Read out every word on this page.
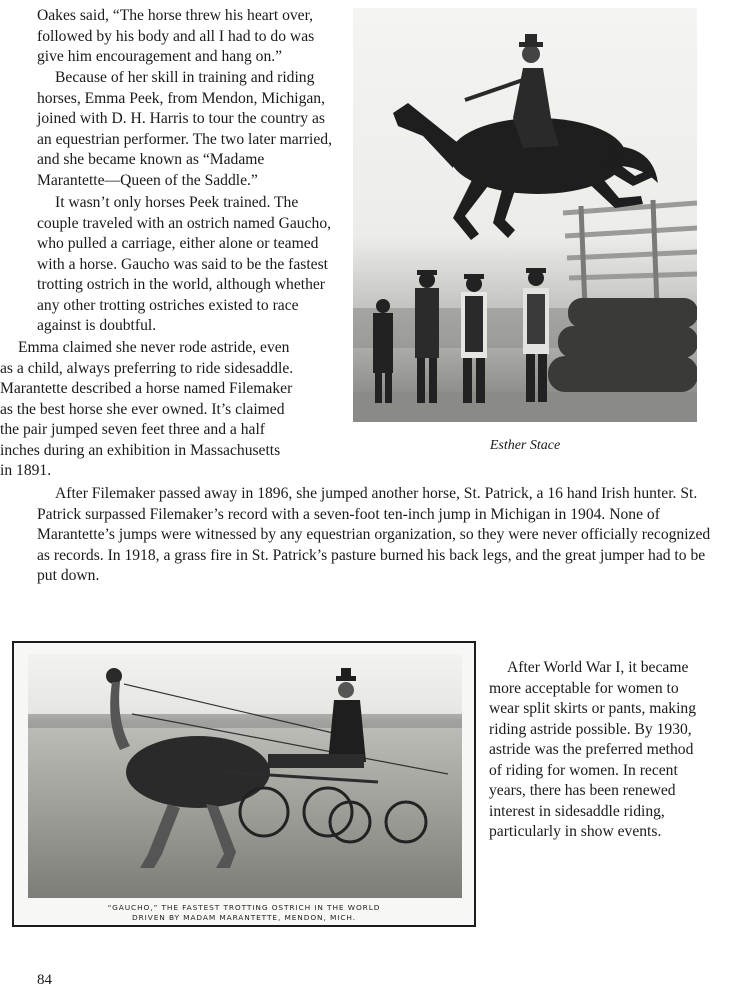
Oakes said, “The horse threw his heart over, followed by his body and all I had to do was give him encouragement and hang on.”

Because of her skill in training and riding horses, Emma Peek, from Mendon, Michigan, joined with D. H. Harris to tour the country as an equestrian performer. The two later married, and she became known as “Madame Marantette—Queen of the Saddle.”

It wasn’t only horses Peek trained. The couple traveled with an ostrich named Gaucho, who pulled a carriage, either alone or teamed with a horse. Gaucho was said to be the fastest trotting ostrich in the world, although whether any other trotting ostriches existed to race against is doubtful.

Emma claimed she never rode astride, even as a child, always preferring to ride sidesaddle. Marantette described a horse named Filemaker as the best horse she ever owned. It’s claimed the pair jumped seven feet three and a half inches during an exhibition in Massachusetts in 1891.

After Filemaker passed away in 1896, she jumped another horse, St. Patrick, a 16 hand Irish hunter. St. Patrick surpassed Filemaker’s record with a seven-foot ten-inch jump in Michigan in 1904. None of Marantette’s jumps were witnessed by any equestrian organization, so they were never officially recognized as records. In 1918, a grass fire in St. Patrick’s pasture burned his back legs, and the great jumper had to be put down.

Esther Stace
“GAUCHO,” THE FASTEST TROTTING OSTRICH IN THE WORLD
DRIVEN BY MADAM MARANTETTE, MENDON, MICH.

After World War I, it became more acceptable for women to wear split skirts or pants, making riding astride possible. By 1930, astride was the preferred method of riding for women. In recent years, there has been renewed interest in sidesaddle riding, particularly in show events.

84
